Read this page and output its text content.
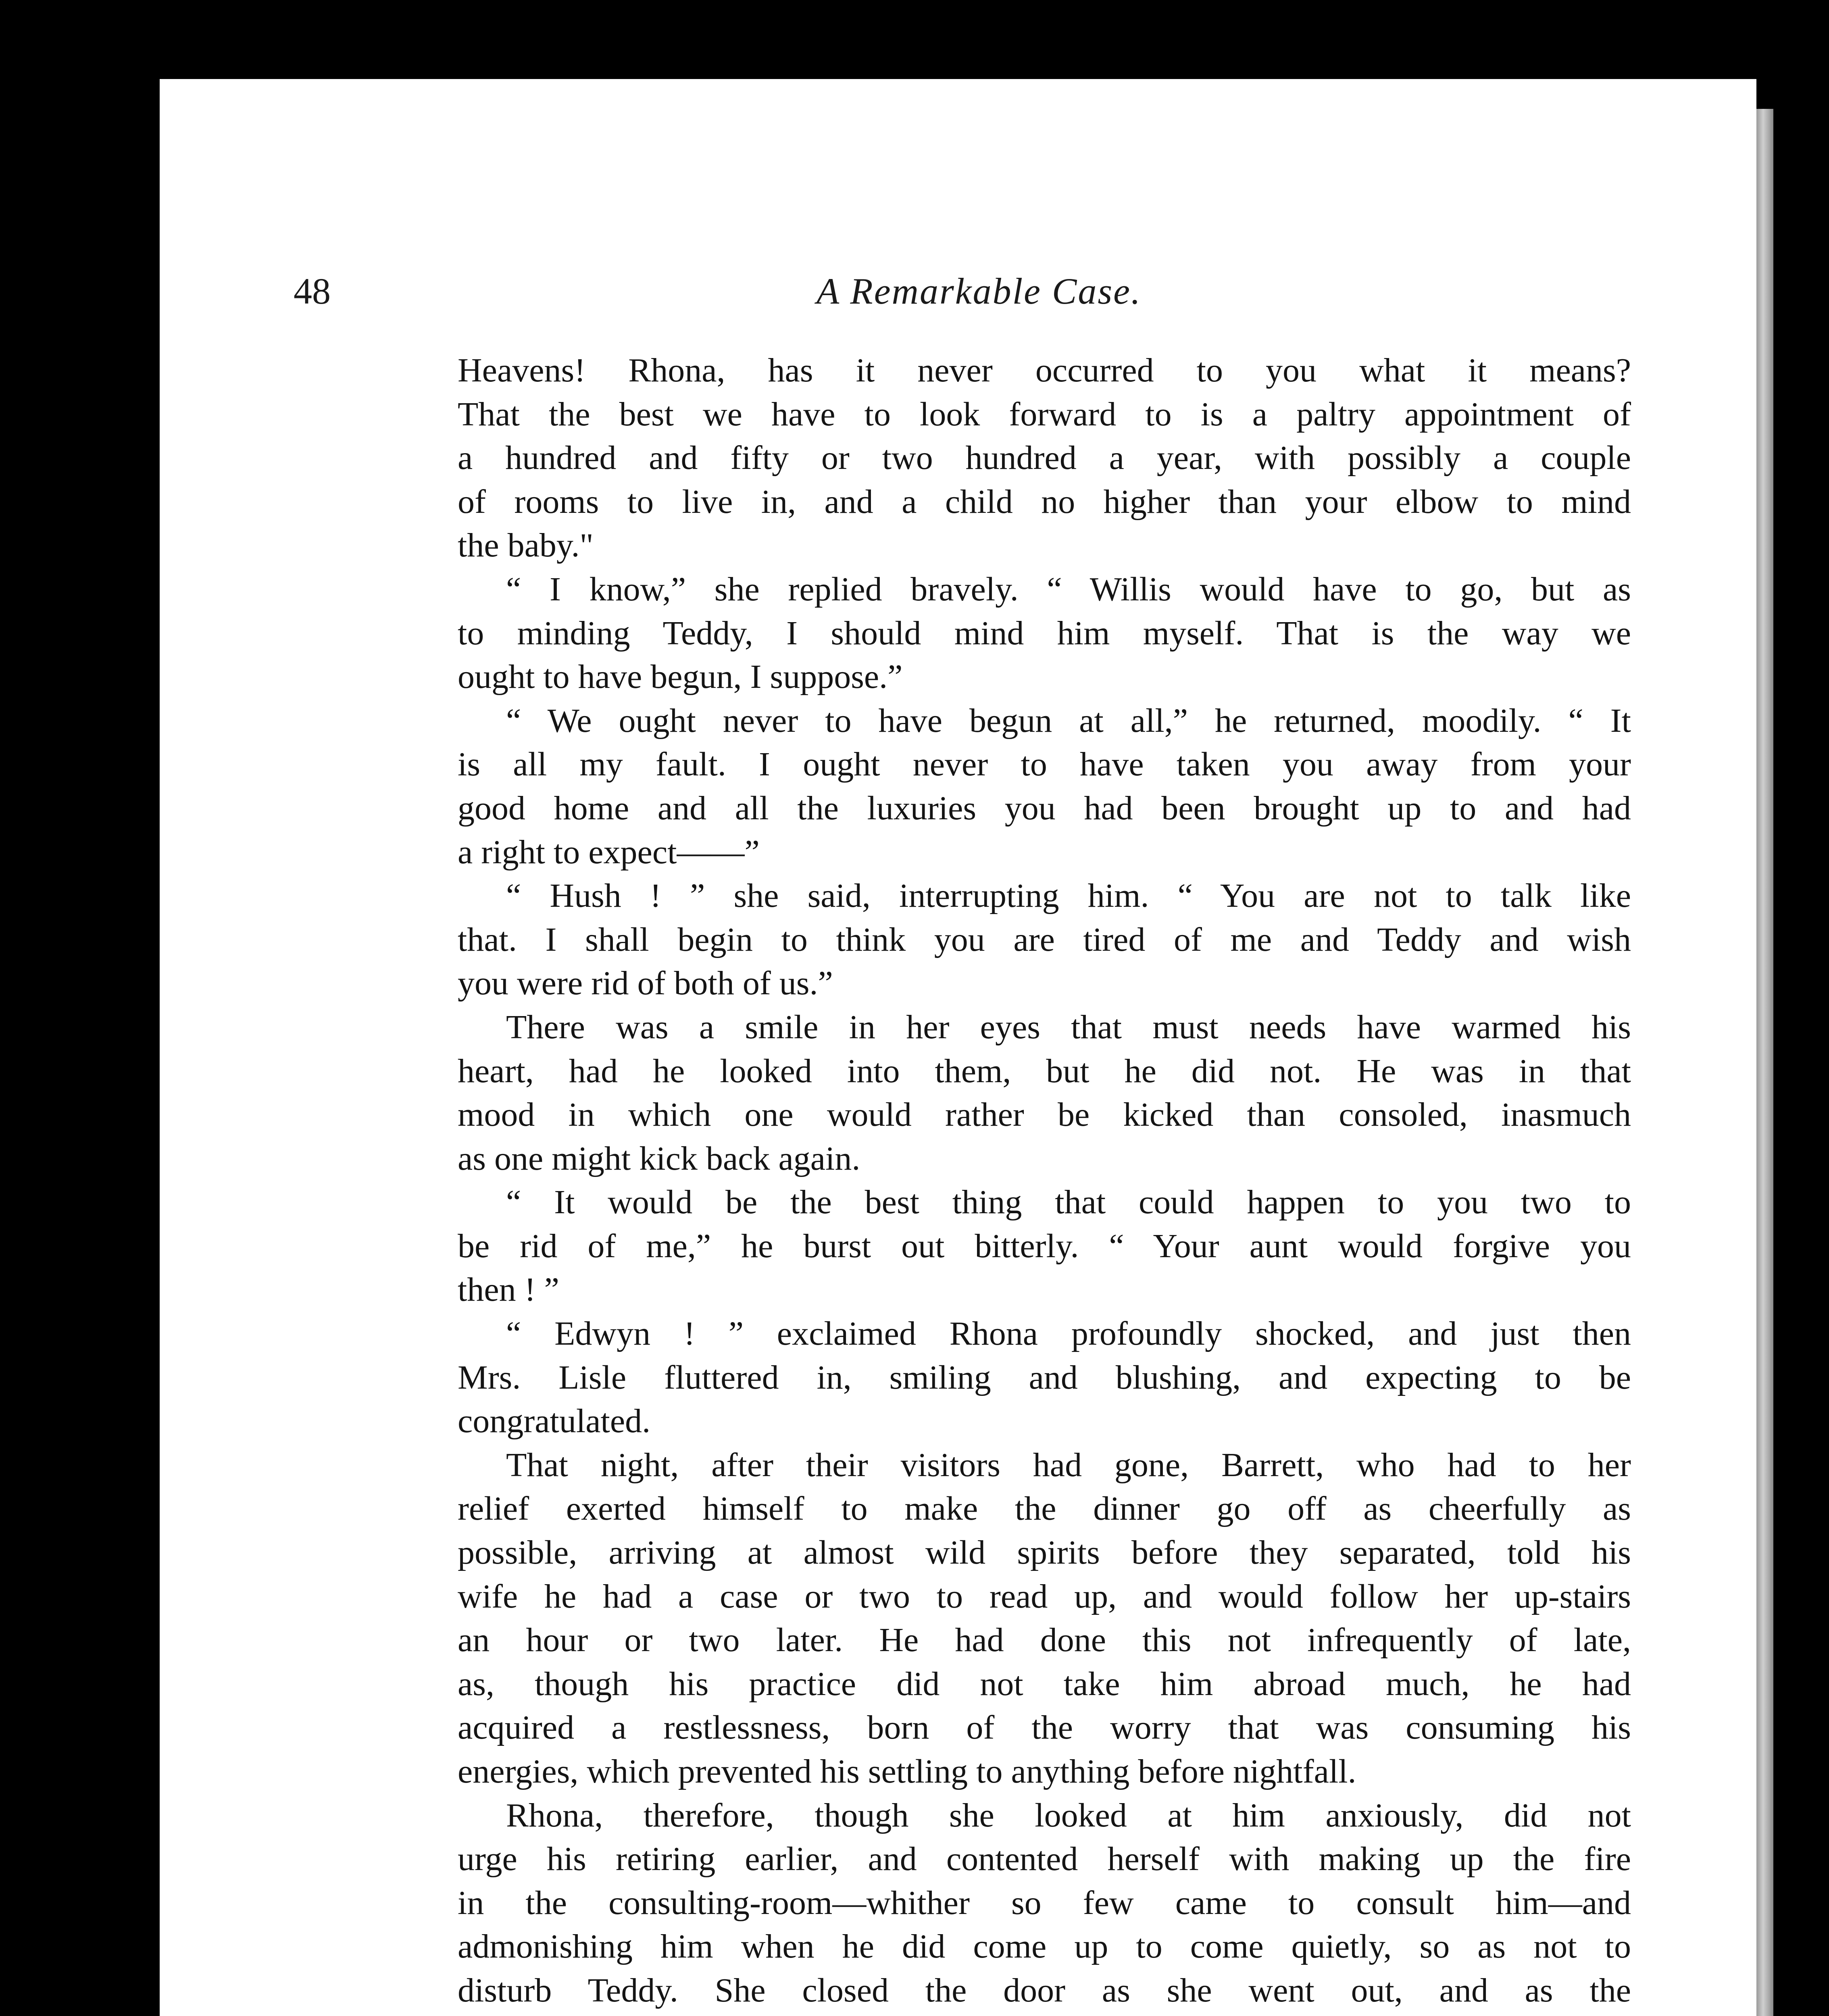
48	A Remarkable Case.
Heavens! Rhona, has it never occurred to you what it means?
That the best we have to look forward to is a paltry appointment of
a hundred and fifty or two hundred a year, with possibly a couple
of rooms to live in, and a child no higher than your elbow to mind
the baby."
“ I know,” she replied bravely. “ Willis would have to go, but as
to minding Teddy, I should mind him myself. That is the way we
ought to have begun, I suppose.”
“ We ought never to have begun at all,” he returned, moodily. “ It
is all my fault. I ought never to have taken you away from your
good home and all the luxuries you had been brought up to and had
a right to expect——”
“ Hush ! ” she said, interrupting him. “ You are not to talk like
that. I shall begin to think you are tired of me and Teddy and wish
you were rid of both of us.”
There was a smile in her eyes that must needs have warmed his
heart, had he looked into them, but he did not. He was in that
mood in which one would rather be kicked than consoled, inasmuch
as one might kick back again.
“ It would be the best thing that could happen to you two to
be rid of me,” he burst out bitterly. “ Your aunt would forgive you
then ! ”
“ Edwyn ! ” exclaimed Rhona profoundly shocked, and just then
Mrs. Lisle fluttered in, smiling and blushing, and expecting to be
congratulated.
That night, after their visitors had gone, Barrett, who had to her
relief exerted himself to make the dinner go off as cheerfully as
possible, arriving at almost wild spirits before they separated, told his
wife he had a case or two to read up, and would follow her up-stairs
an hour or two later. He had done this not infrequently of late,
as, though his practice did not take him abroad much, he had
acquired a restlessness, born of the worry that was consuming his
energies, which prevented his settling to anything before nightfall.
Rhona, therefore, though she looked at him anxiously, did not
urge his retiring earlier, and contented herself with making up the fire
in the consulting-room—whither so few came to consult him—and
admonishing him when he did come up to come quietly, so as not to
disturb Teddy. She closed the door as she went out, and as the
